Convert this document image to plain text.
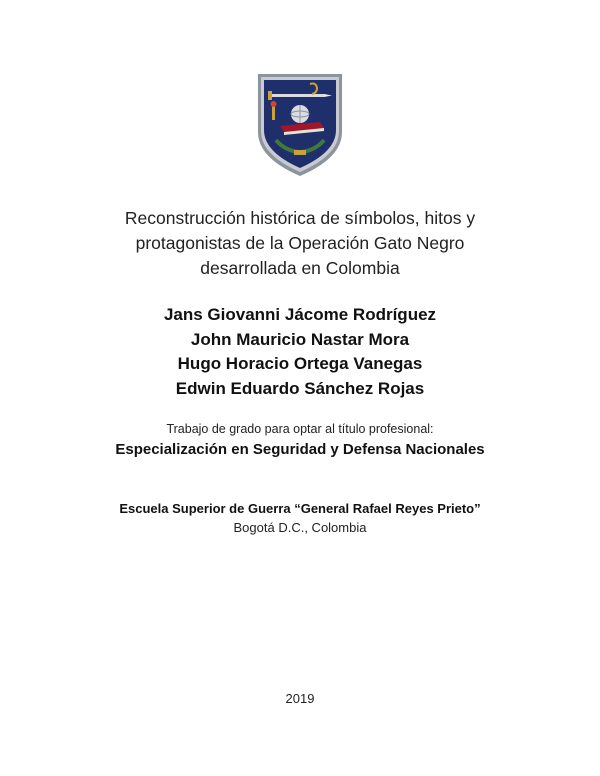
Reconstrucción histórica de símbolos, hitos y
protagonistas de la Operación Gato Negro
desarrollada en Colombia
Jans Giovanni Jácome Rodríguez
John Mauricio Nastar Mora
Hugo Horacio Ortega Vanegas
Edwin Eduardo Sánchez Rojas
Trabajo de grado para optar al título profesional:
Especialización en Seguridad y Defensa Nacionales
Escuela Superior de Guerra “General Rafael Reyes Prieto”
Bogotá D.C., Colombia
2019
